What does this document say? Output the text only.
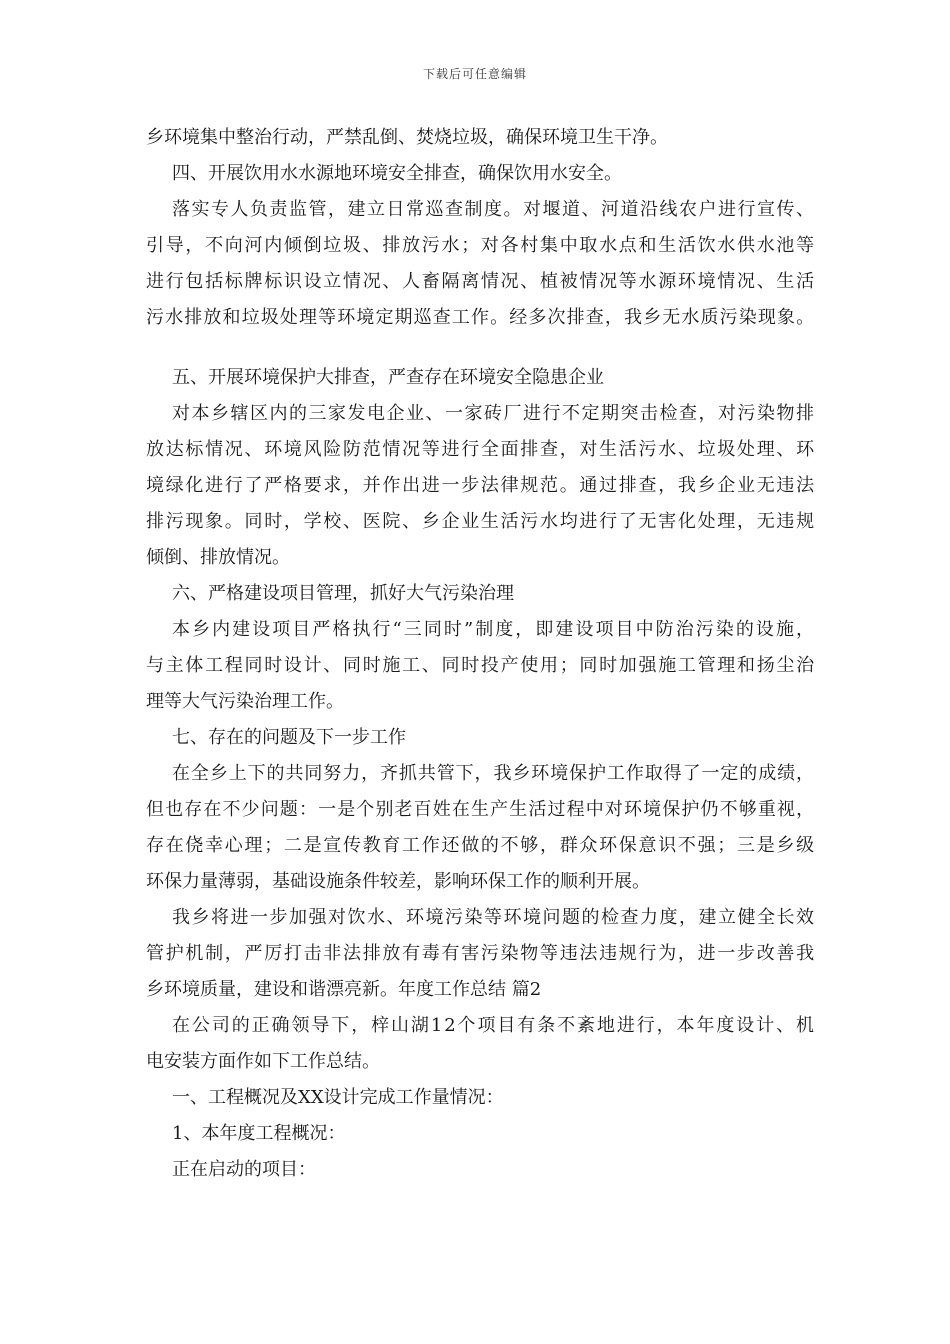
下载后可任意编辑
乡环境集中整治行动，严禁乱倒、焚烧垃圾，确保环境卫生干净。
四、开展饮用水水源地环境安全排查，确保饮用水安全。
落实专人负责监管，建立日常巡查制度。对堰道、河道沿线农户进行宣传、
引导，不向河内倾倒垃圾、排放污水；对各村集中取水点和生活饮水供水池等
进行包括标牌标识设立情况、人畜隔离情况、植被情况等水源环境情况、生活
污水排放和垃圾处理等环境定期巡查工作。经多次排查，我乡无水质污染现象。
五、开展环境保护大排查，严查存在环境安全隐患企业
对本乡辖区内的三家发电企业、一家砖厂进行不定期突击检查，对污染物排
放达标情况、环境风险防范情况等进行全面排查，对生活污水、垃圾处理、环
境绿化进行了严格要求，并作出进一步法律规范。通过排查，我乡企业无违法
排污现象。同时，学校、医院、乡企业生活污水均进行了无害化处理，无违规
倾倒、排放情况。
六、严格建设项目管理，抓好大气污染治理
本乡内建设项目严格执行“三同时”制度，即建设项目中防治污染的设施，
与主体工程同时设计、同时施工、同时投产使用；同时加强施工管理和扬尘治
理等大气污染治理工作。
七、存在的问题及下一步工作
在全乡上下的共同努力，齐抓共管下，我乡环境保护工作取得了一定的成绩，
但也存在不少问题：一是个别老百姓在生产生活过程中对环境保护仍不够重视，
存在侥幸心理；二是宣传教育工作还做的不够，群众环保意识不强；三是乡级
环保力量薄弱，基础设施条件较差，影响环保工作的顺利开展。
我乡将进一步加强对饮水、环境污染等环境问题的检查力度，建立健全长效
管护机制，严厉打击非法排放有毒有害污染物等违法违规行为，进一步改善我
乡环境质量，建设和谐漂亮新。年度工作总结 篇2
在公司的正确领导下，梓山湖12个项目有条不紊地进行，本年度设计、机
电安装方面作如下工作总结。
一、工程概况及XX设计完成工作量情况：
1、本年度工程概况：
正在启动的项目：
